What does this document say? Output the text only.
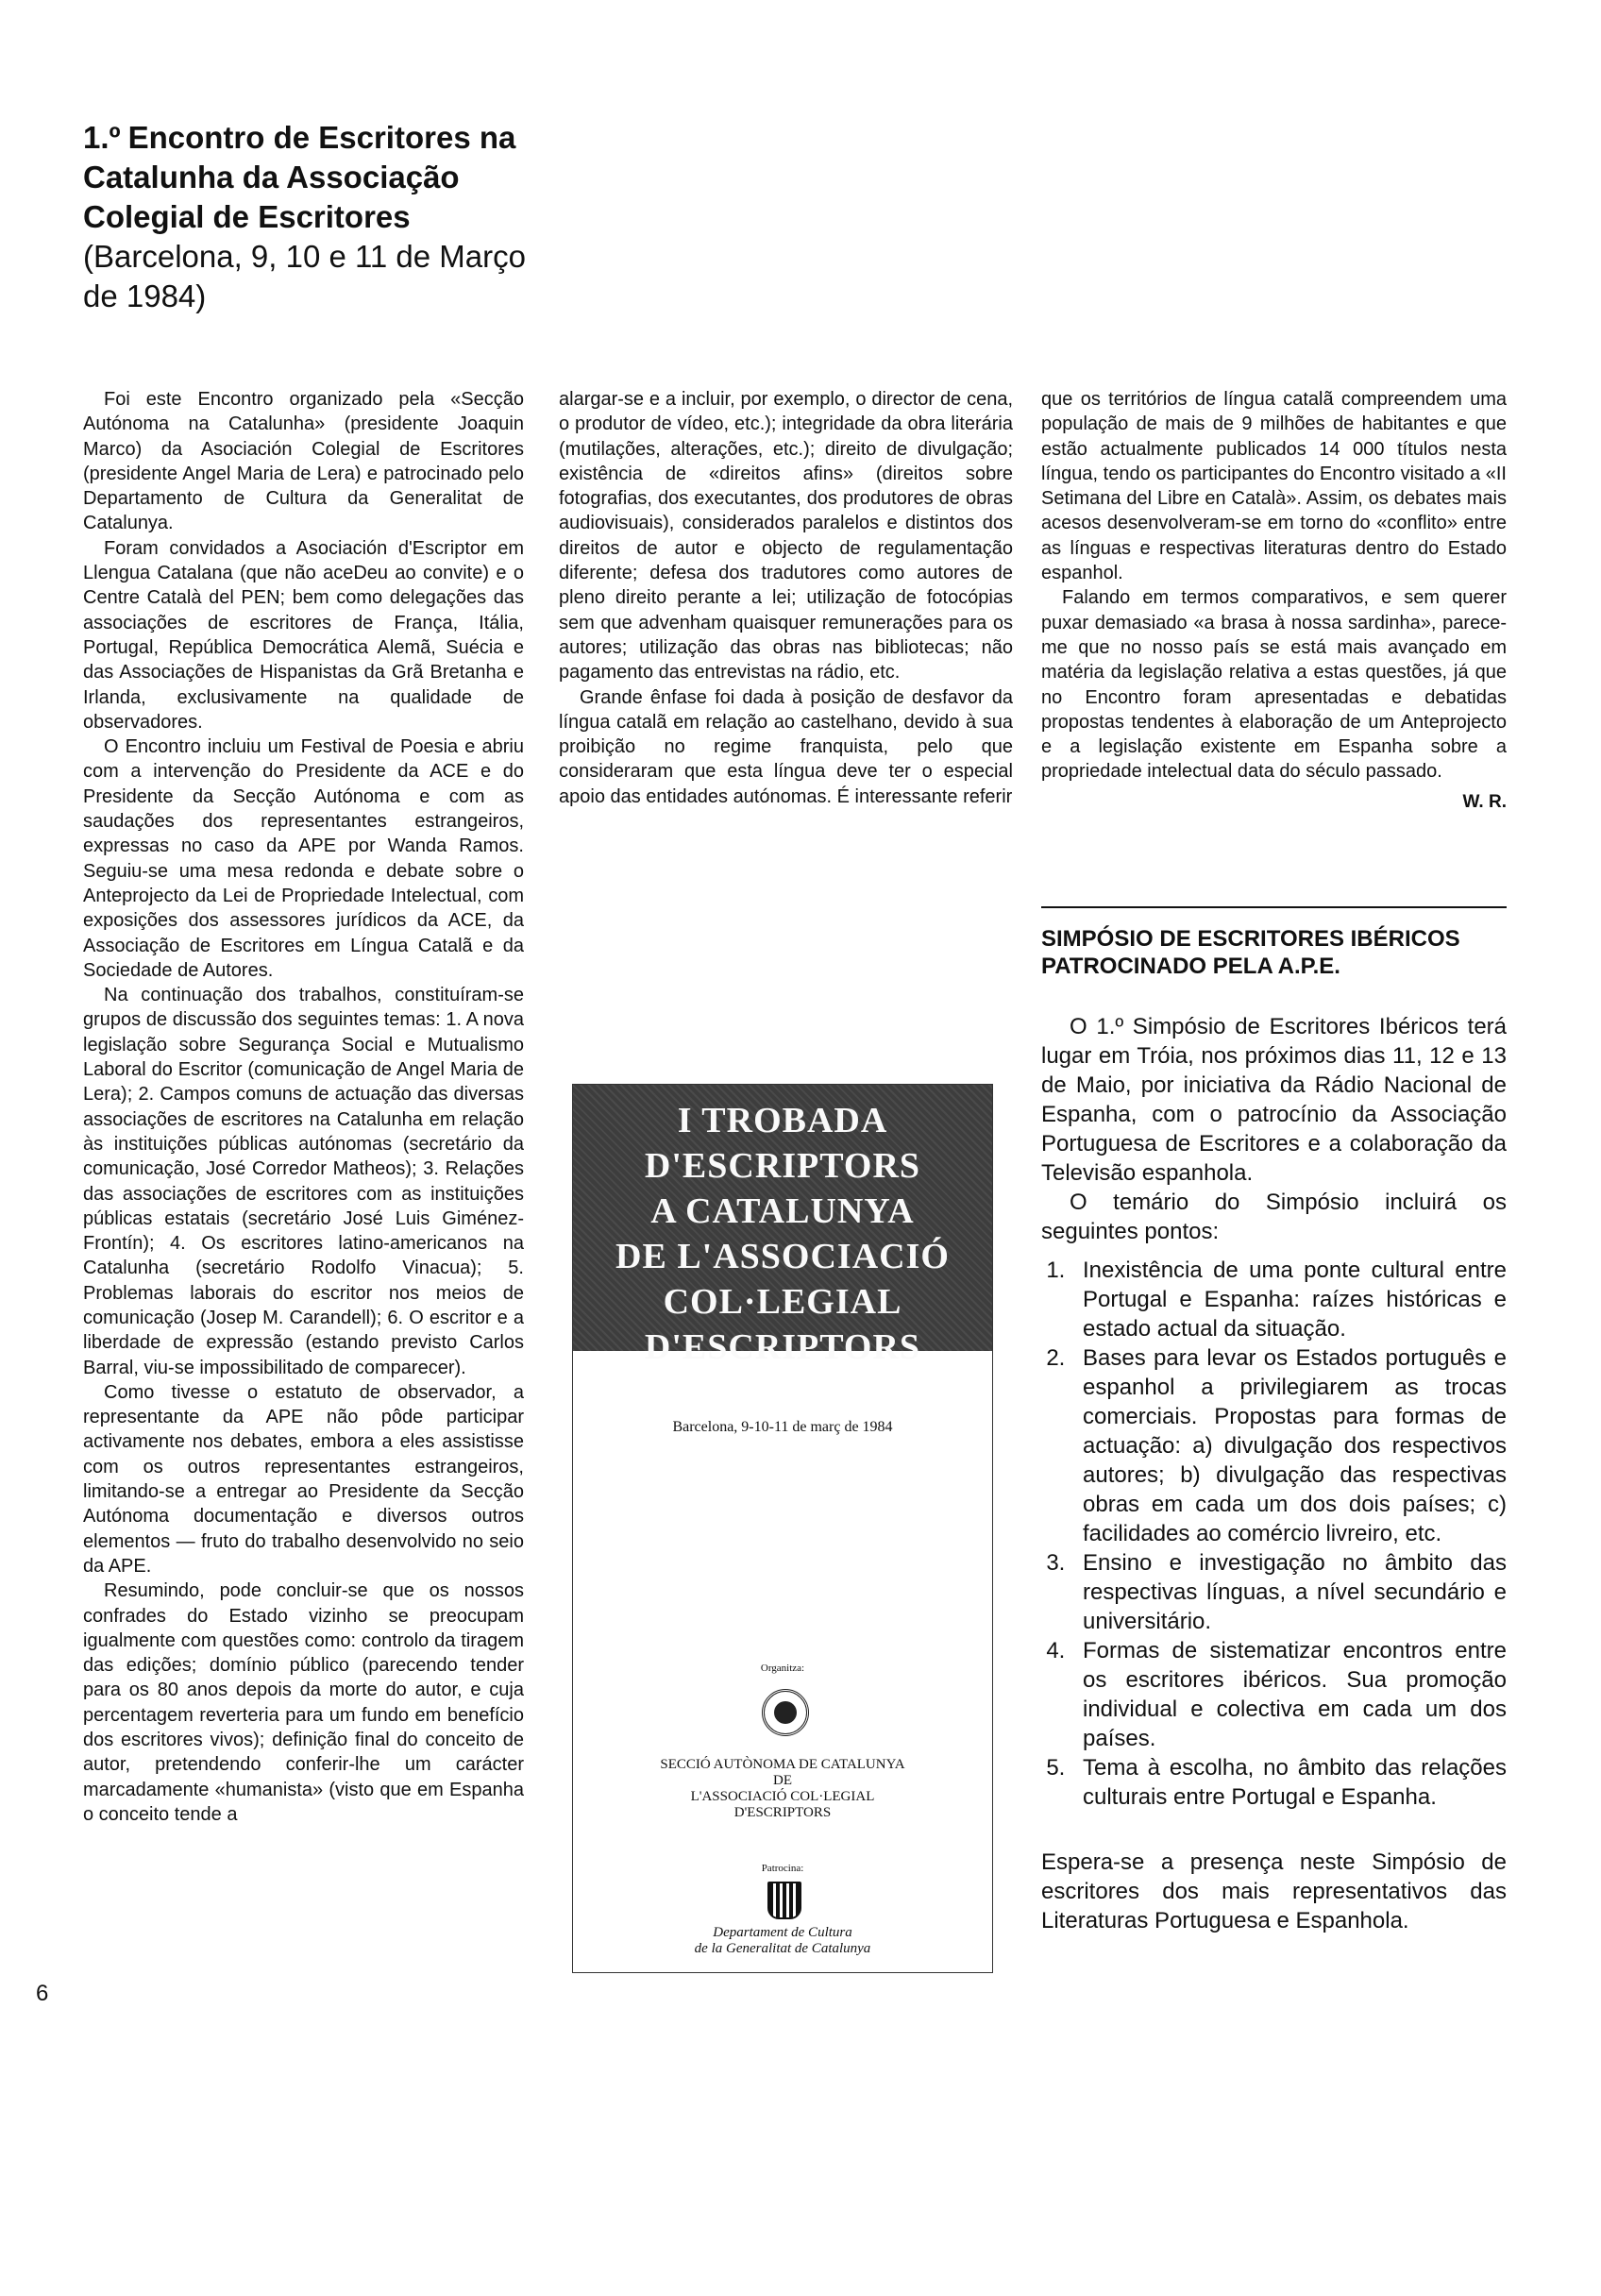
6
1.º Encontro de Escritores na Catalunha da Associação Colegial de Escritores (Barcelona, 9, 10 e 11 de Março de 1984)

Foi este Encontro organizado pela «Secção Autónoma na Catalunha» (presidente Joaquin Marco) da Asociación Colegial de Escritores (presidente Angel Maria de Lera) e patrocinado pelo Departamento de Cultura da Generalitat de Catalunya.

Foram convidados a Asociación d'Escriptor em Llengua Catalana (que não aceDeu ao convite) e o Centre Català del PEN; bem como delegações das associações de escritores de França, Itália, Portugal, República Democrática Alemã, Suécia e das Associações de Hispanistas da Grã Bretanha e Irlanda, exclusivamente na qualidade de observadores.

O Encontro incluiu um Festival de Poesia e abriu com a intervenção do Presidente da ACE e do Presidente da Secção Autónoma e com as saudações dos representantes estrangeiros, expressas no caso da APE por Wanda Ramos. Seguiu-se uma mesa redonda e debate sobre o Anteprojecto da Lei de Propriedade Intelectual, com exposições dos assessores jurídicos da ACE, da Associação de Escritores em Língua Catalã e da Sociedade de Autores.

Na continuação dos trabalhos, constituíram-se grupos de discussão dos seguintes temas: 1. A nova legislação sobre Segurança Social e Mutualismo Laboral do Escritor (comunicação de Angel Maria de Lera); 2. Campos comuns de actuação das diversas associações de escritores na Catalunha em relação às instituições públicas autónomas (secretário da comunicação, José Corredor Matheos); 3. Relações das associações de escritores com as instituições públicas estatais (secretário José Luis Giménez-Frontín); 4. Os escritores latino-americanos na Catalunha (secretário Rodolfo Vinacua); 5. Problemas laborais do escritor nos meios de comunicação (Josep M. Carandell); 6. O escritor e a liberdade de expressão (estando previsto Carlos Barral, viu-se impossibilitado de comparecer).

Como tivesse o estatuto de observador, a representante da APE não pôde participar activamente nos debates, embora a eles assistisse com os outros representantes estrangeiros, limitando-se a entregar ao Presidente da Secção Autónoma documentação e diversos outros elementos — fruto do trabalho desenvolvido no seio da APE.

Resumindo, pode concluir-se que os nossos confrades do Estado vizinho se preocupam igualmente com questões como: controlo da tiragem das edições; domínio público (parecendo tender para os 80 anos depois da morte do autor, e cuja percentagem reverteria para um fundo em benefício dos escritores vivos); definição final do conceito de autor, pretendendo conferir-lhe um carácter marcadamente «humanista» (visto que em Espanha o conceito tende a

alargar-se e a incluir, por exemplo, o director de cena, o produtor de vídeo, etc.); integridade da obra literária (mutilações, alterações, etc.); direito de divulgação; existência de «direitos afins» (direitos sobre fotografias, dos executantes, dos produtores de obras audiovisuais), considerados paralelos e distintos dos direitos de autor e objecto de regulamentação diferente; defesa dos tradutores como autores de pleno direito perante a lei; utilização de fotocópias sem que advenham quaisquer remunerações para os autores; utilização das obras nas bibliotecas; não pagamento das entrevistas na rádio, etc.

Grande ênfase foi dada à posição de desfavor da língua catalã em relação ao castelhano, devido à sua proibição no regime franquista, pelo que consideraram que esta língua deve ter o especial apoio das entidades autónomas. É interessante referir

que os territórios de língua catalã compreendem uma população de mais de 9 milhões de habitantes e que estão actualmente publicados 14 000 títulos nesta língua, tendo os participantes do Encontro visitado a «II Setimana del Libre en Català». Assim, os debates mais acesos desenvolveram-se em torno do «conflito» entre as línguas e respectivas literaturas dentro do Estado espanhol.

Falando em termos comparativos, e sem querer puxar demasiado «a brasa à nossa sardinha», parece-me que no nosso país se está mais avançado em matéria da legislação relativa a estas questões, já que no Encontro foram apresentadas e debatidas propostas tendentes à elaboração de um Anteprojecto e a legislação existente em Espanha sobre a propriedade intelectual data do século passado.

W. R.
SIMPÓSIO DE ESCRITORES IBÉRICOS PATROCINADO PELA A.P.E.

O 1.º Simpósio de Escritores Ibéricos terá lugar em Tróia, nos próximos dias 11, 12 e 13 de Maio, por iniciativa da Rádio Nacional de Espanha, com o patrocínio da Associação Portuguesa de Escritores e a colaboração da Televisão espanhola.

O temário do Simpósio incluirá os seguintes pontos:

1. Inexistência de uma ponte cultural entre Portugal e Espanha: raízes históricas e estado actual da situação.
2. Bases para levar os Estados português e espanhol a privilegiarem as trocas comerciais. Propostas para formas de actuação: a) divulgação dos respectivos autores; b) divulgação das respectivas obras em cada um dos dois países; c) facilidades ao comércio livreiro, etc.
3. Ensino e investigação no âmbito das respectivas línguas, a nível secundário e universitário.
4. Formas de sistematizar encontros entre os escritores ibéricos. Sua promoção individual e colectiva em cada um dos países.
5. Tema à escolha, no âmbito das relações culturais entre Portugal e Espanha.

Espera-se a presença neste Simpósio de escritores dos mais representativos das Literaturas Portuguesa e Espanhola.

I TROBADA
D'ESCRIPTORS
A CATALUNYA
DE L'ASSOCIACIÓ
COL·LEGIAL
D'ESCRIPTORS
Barcelona, 9-10-11 de març de 1984
Organitza:
SECCIÓ AUTÒNOMA DE CATALUNYA
DE
L'ASSOCIACIÓ COL·LEGIAL
D'ESCRIPTORS
Patrocina:
Departament de Cultura
de la Generalitat de Catalunya
